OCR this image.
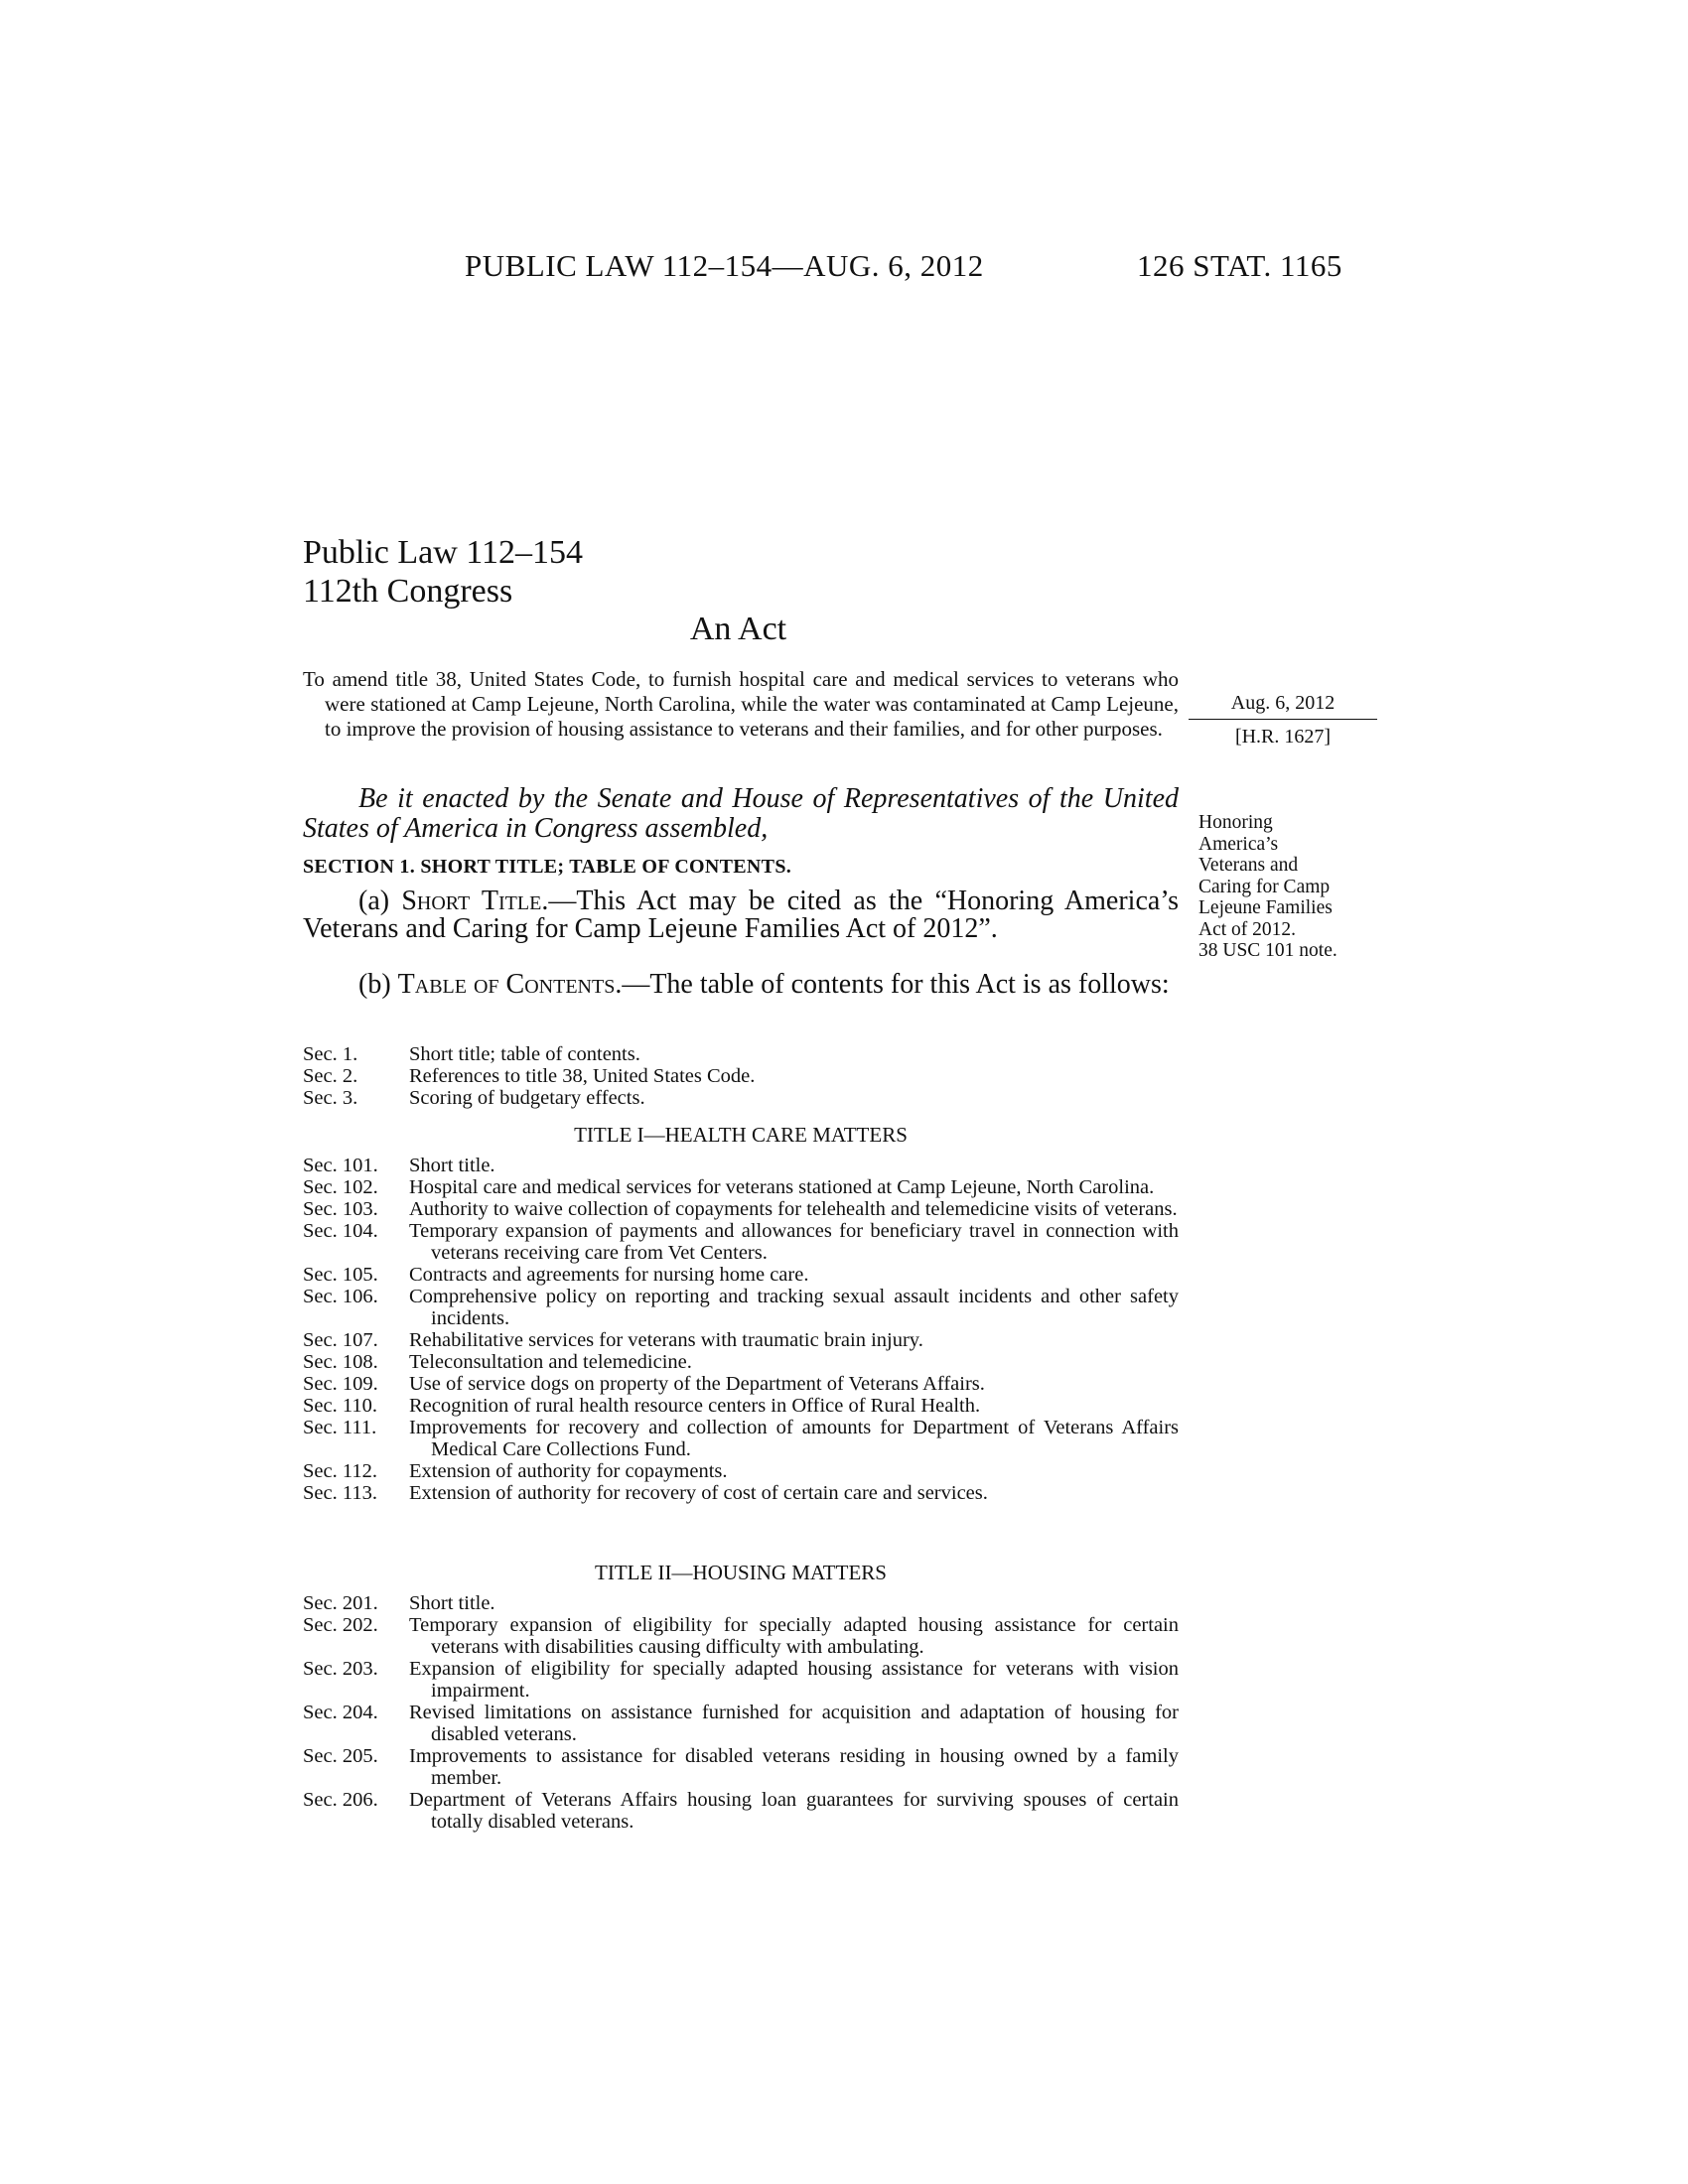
PUBLIC LAW 112–154—AUG. 6, 2012	126 STAT. 1165
Public Law 112–154
112th Congress
An Act
To amend title 38, United States Code, to furnish hospital care and medical services to veterans who were stationed at Camp Lejeune, North Carolina, while the water was contaminated at Camp Lejeune, to improve the provision of housing assistance to veterans and their families, and for other purposes.
Aug. 6, 2012
[H.R. 1627]
Be it enacted by the Senate and House of Representatives of the United States of America in Congress assembled,	Honoring
America’s
Veterans and
Caring for Camp
Lejeune Families
Act of 2012.
38 USC 101 note.
SECTION 1. SHORT TITLE; TABLE OF CONTENTS.
(a) Short Title.—This Act may be cited as the “Honoring America’s Veterans and Caring for Camp Lejeune Families Act of 2012”.
(b) Table of Contents.—The table of contents for this Act is as follows:
Sec. 1.	Short title; table of contents.
Sec. 2.	References to title 38, United States Code.
Sec. 3.	Scoring of budgetary effects.
TITLE I—HEALTH CARE MATTERS
Sec. 101.	Short title.
Sec. 102.	Hospital care and medical services for veterans stationed at Camp Lejeune, North Carolina.
Sec. 103.	Authority to waive collection of copayments for telehealth and telemedicine visits of veterans.
Sec. 104.	Temporary expansion of payments and allowances for beneficiary travel in connection with veterans receiving care from Vet Centers.
Sec. 105.	Contracts and agreements for nursing home care.
Sec. 106.	Comprehensive policy on reporting and tracking sexual assault incidents and other safety incidents.
Sec. 107.	Rehabilitative services for veterans with traumatic brain injury.
Sec. 108.	Teleconsultation and telemedicine.
Sec. 109.	Use of service dogs on property of the Department of Veterans Affairs.
Sec. 110.	Recognition of rural health resource centers in Office of Rural Health.
Sec. 111.	Improvements for recovery and collection of amounts for Department of Veterans Affairs Medical Care Collections Fund.
Sec. 112.	Extension of authority for copayments.
Sec. 113.	Extension of authority for recovery of cost of certain care and services.
TITLE II—HOUSING MATTERS
Sec. 201.	Short title.
Sec. 202.	Temporary expansion of eligibility for specially adapted housing assistance for certain veterans with disabilities causing difficulty with ambulating.
Sec. 203.	Expansion of eligibility for specially adapted housing assistance for veterans with vision impairment.
Sec. 204.	Revised limitations on assistance furnished for acquisition and adaptation of housing for disabled veterans.
Sec. 205.	Improvements to assistance for disabled veterans residing in housing owned by a family member.
Sec. 206.	Department of Veterans Affairs housing loan guarantees for surviving spouses of certain totally disabled veterans.
